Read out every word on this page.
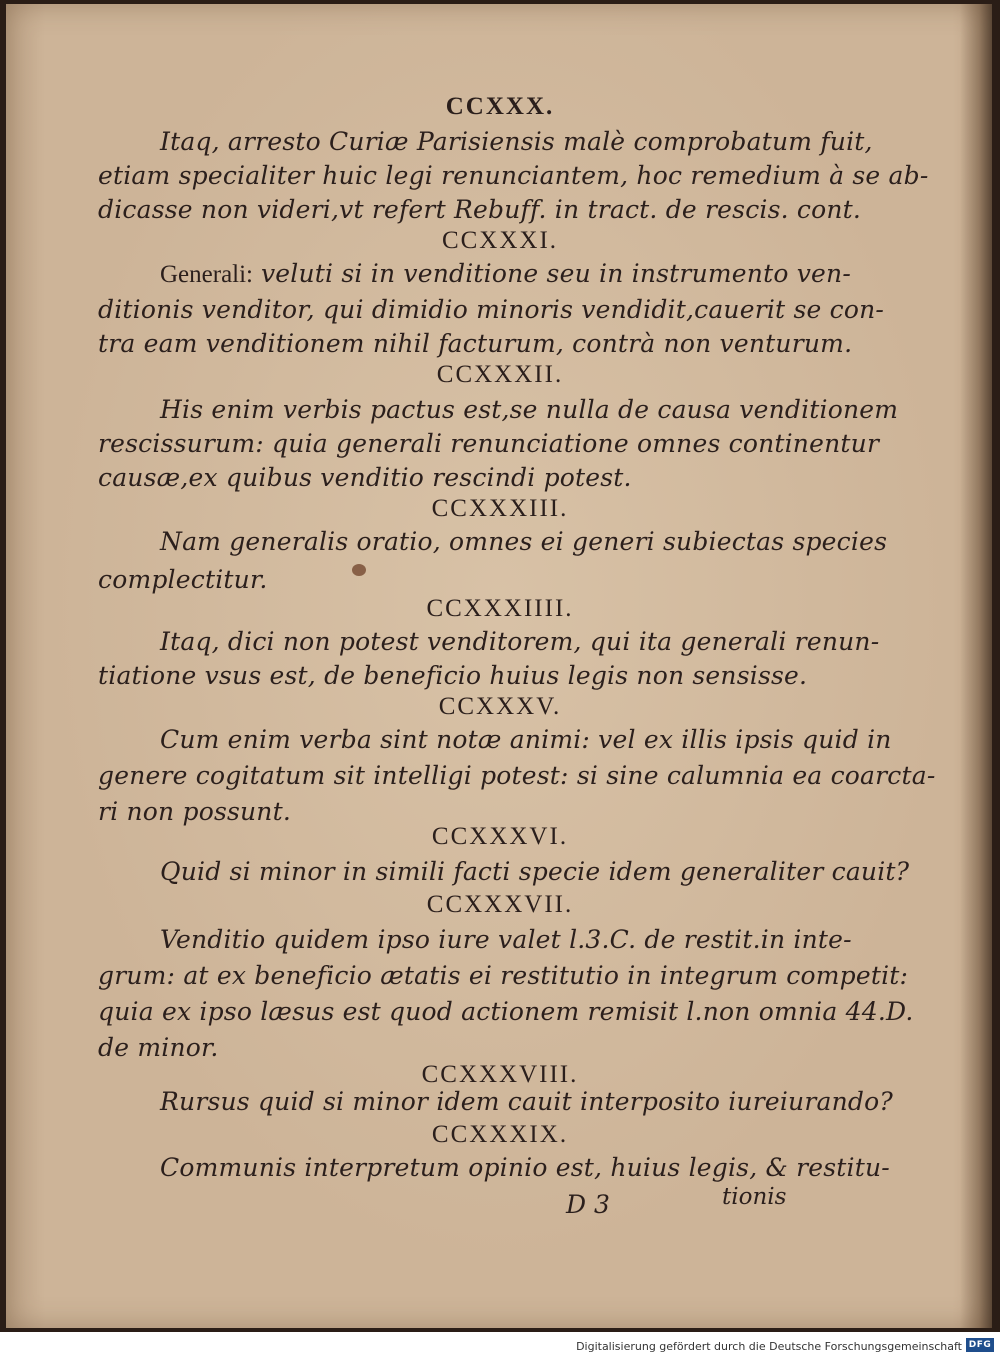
CCXXX.
Itaq, arresto Curiæ Parisiensis malè comprobatum fuit,
etiam specialiter huic legi renunciantem, hoc remedium à se ab-
dicasse non videri,vt refert Rebuff. in tract. de rescis. cont.
CCXXXI.
Generali: veluti si in venditione seu in instrumento ven-
ditionis venditor, qui dimidio minoris vendidit,cauerit se con-
tra eam venditionem nihil facturum, contrà non venturum.
CCXXXII.
His enim verbis pactus est,se nulla de causa venditionem
rescissurum: quia generali renunciatione omnes continentur
causæ,ex quibus venditio rescindi potest.
CCXXXIII.
Nam generalis oratio, omnes ei generi subiectas species
complectitur.
CCXXXIIII.
Itaq, dici non potest venditorem, qui ita generali renun-
tiatione vsus est, de beneficio huius legis non sensisse.
CCXXXV.
Cum enim verba sint notæ animi: vel ex illis ipsis quid in
genere cogitatum sit intelligi potest: si sine calumnia ea coarcta-
ri non possunt.
CCXXXVI.
Quid si minor in simili facti specie idem generaliter cauit?
CCXXXVII.
Venditio quidem ipso iure valet l.3.C. de restit.in inte-
grum: at ex beneficio ætatis ei restitutio in integrum competit:
quia ex ipso læsus est quod actionem remisit l.non omnia 44.D.
de minor.
CCXXXVIII.
Rursus quid si minor idem cauit interposito iureiurando?
CCXXXIX.
Communis interpretum opinio est, huius legis, & restitu-
D 3	tionis
Digitalisierung gefördert durch die Deutsche Forschungsgemeinschaft DFG
